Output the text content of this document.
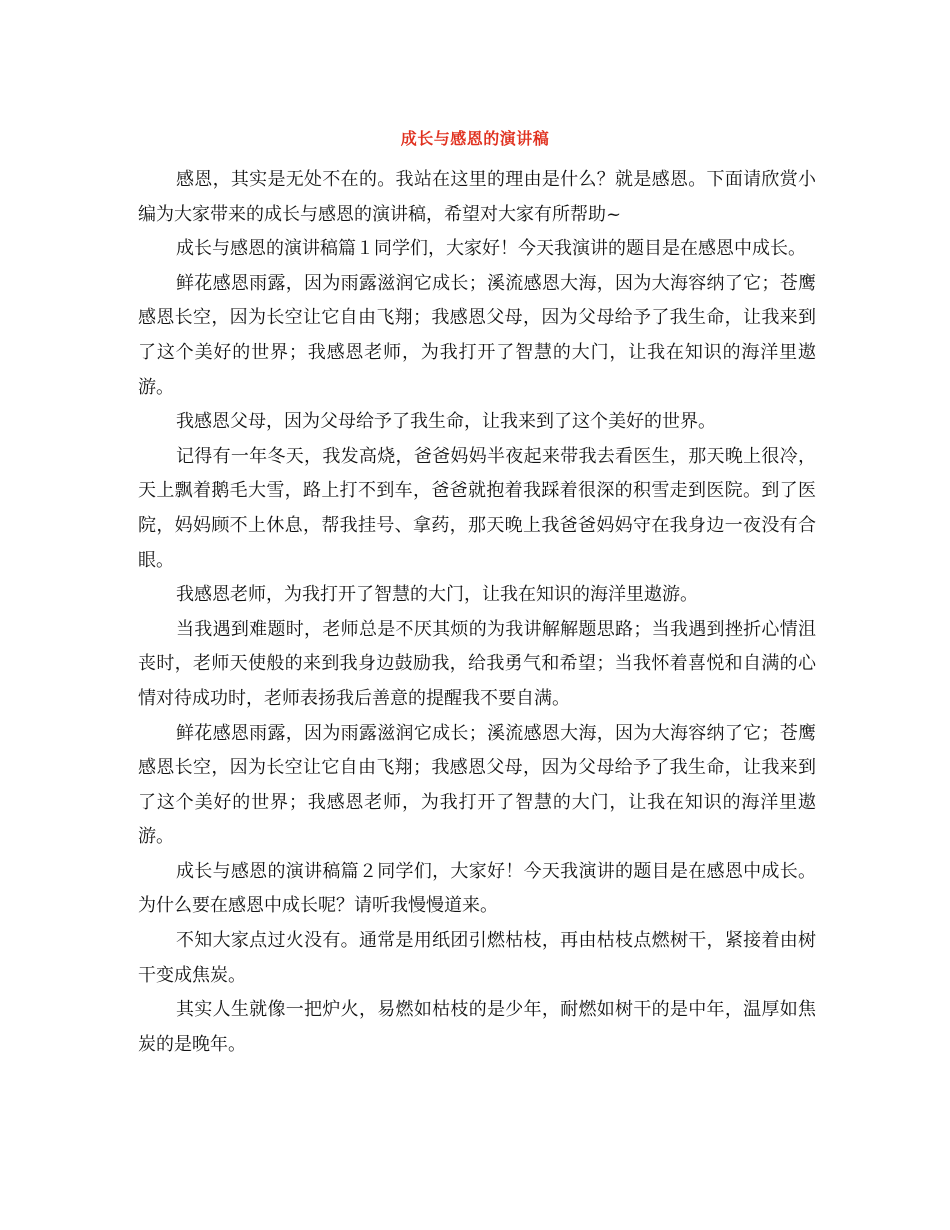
成长与感恩的演讲稿

感恩，其实是无处不在的。我站在这里的理由是什么？就是感恩。下面请欣赏小编为大家带来的成长与感恩的演讲稿，希望对大家有所帮助~

成长与感恩的演讲稿篇１同学们，大家好！今天我演讲的题目是在感恩中成长。

鲜花感恩雨露，因为雨露滋润它成长；溪流感恩大海，因为大海容纳了它；苍鹰感恩长空，因为长空让它自由飞翔；我感恩父母，因为父母给予了我生命，让我来到了这个美好的世界；我感恩老师，为我打开了智慧的大门，让我在知识的海洋里遨游。

我感恩父母，因为父母给予了我生命，让我来到了这个美好的世界。

记得有一年冬天，我发高烧，爸爸妈妈半夜起来带我去看医生，那天晚上很冷，天上飘着鹅毛大雪，路上打不到车，爸爸就抱着我踩着很深的积雪走到医院。到了医院，妈妈顾不上休息，帮我挂号、拿药，那天晚上我爸爸妈妈守在我身边一夜没有合眼。

我感恩老师，为我打开了智慧的大门，让我在知识的海洋里遨游。

当我遇到难题时，老师总是不厌其烦的为我讲解解题思路；当我遇到挫折心情沮丧时，老师天使般的来到我身边鼓励我，给我勇气和希望；当我怀着喜悦和自满的心情对待成功时，老师表扬我后善意的提醒我不要自满。

鲜花感恩雨露，因为雨露滋润它成长；溪流感恩大海，因为大海容纳了它；苍鹰感恩长空，因为长空让它自由飞翔；我感恩父母，因为父母给予了我生命，让我来到了这个美好的世界；我感恩老师，为我打开了智慧的大门，让我在知识的海洋里遨游。

成长与感恩的演讲稿篇２同学们，大家好！今天我演讲的题目是在感恩中成长。为什么要在感恩中成长呢？请听我慢慢道来。

不知大家点过火没有。通常是用纸团引燃枯枝，再由枯枝点燃树干，紧接着由树干变成焦炭。

其实人生就像一把炉火，易燃如枯枝的是少年，耐燃如树干的是中年，温厚如焦炭的是晚年。
